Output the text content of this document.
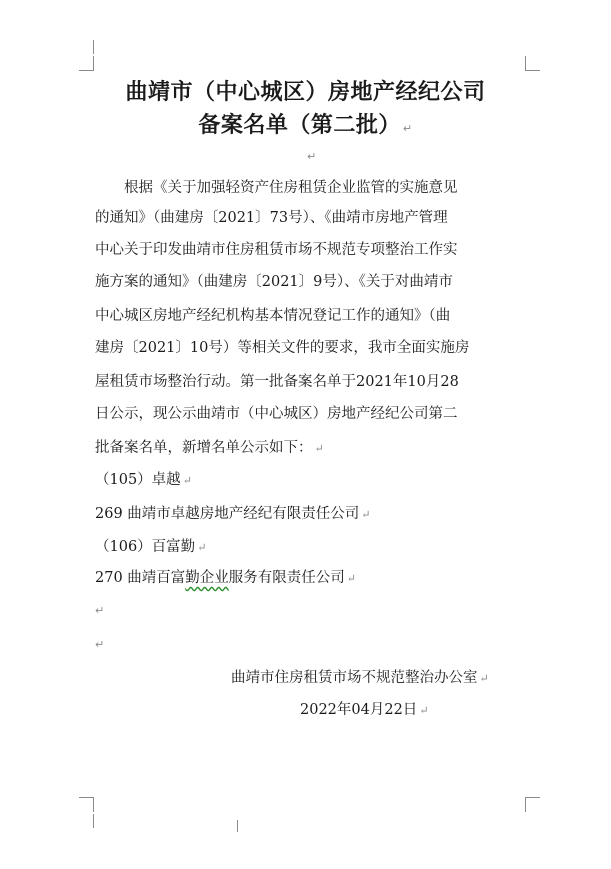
曲靖市（中心城区）房地产经纪公司
备案名单（第二批） ↵
↵
根据《关于加强轻资产住房租赁企业监管的实施意见
的通知》（曲建房〔2021〕73号）、《曲靖市房地产管理
中心关于印发曲靖市住房租赁市场不规范专项整治工作实
施方案的通知》（曲建房〔2021〕9号）、《关于对曲靖市
中心城区房地产经纪机构基本情况登记工作的通知》（曲
建房〔2021〕10号）等相关文件的要求，我市全面实施房
屋租赁市场整治行动。第一批备案名单于2021年10月28
日公示，现公示曲靖市（中心城区）房地产经纪公司第二
批备案名单，新增名单公示如下： ↵
（105）卓越 ↵
269 曲靖市卓越房地产经纪有限责任公司 ↵
（106）百富勤 ↵
270 曲靖百富勤企业服务有限责任公司 ↵
↵
↵
曲靖市住房租赁市场不规范整治办公室 ↵
2022年04月22日 ↵
